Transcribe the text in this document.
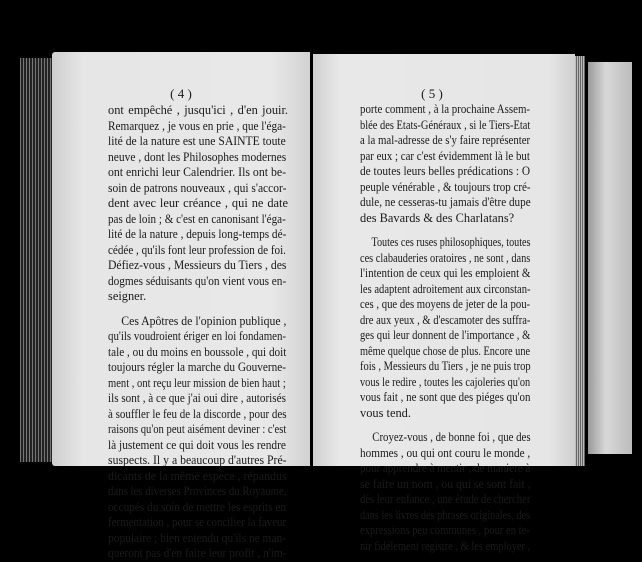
( 4 )
ont empêché , jusqu'ici , d'en jouir.
Remarquez , je vous en prie , que l'éga-
lité de la nature est une SAINTE toute
neuve , dont les Philosophes modernes
ont enrichi leur Calendrier. Ils ont be-
soin de patrons nouveaux , qui s'accor-
dent avec leur créance , qui ne date
pas de loin ; & c'est en canonisant l'éga-
lité de la nature , depuis long-temps dé-
cédée , qu'ils font leur profession de foi.
Défiez-vous , Messieurs du Tiers , des
dogmes séduisants qu'on vient vous en-
seigner.
Ces Apôtres de l'opinion publique ,
qu'ils voudroient ériger en loi fondamen-
tale , ou du moins en boussole , qui doit
toujours régler la marche du Gouverne-
ment , ont reçu leur mission de bien haut ;
ils sont , à ce que j'ai oui dire , autorisés
à souffler le feu de la discorde , pour des
raisons qu'on peut aisément deviner : c'est
là justement ce qui doit vous les rendre
suspects. Il y a beaucoup d'autres Pré-
dicants de la même espece , répandus
dans les diverses Provinces du Royaume,
occupés du soin de mettre les esprits en
fermentation , pour se concilier la faveur
populaire ; bien entendu qu'ils ne man-
queront pas d'en faire leur profit , n'im-
( 5 )
porte comment , à la prochaine Assem-
blée des Etats-Généraux , si le Tiers-Etat
a la mal-adresse de s'y faire représenter
par eux ; car c'est évidemment là le but
de toutes leurs belles prédications : O
peuple vénérable , & toujours trop cré-
dule, ne cesseras-tu jamais d'être dupe
des Bavards & des Charlatans?
Toutes ces ruses philosophiques, toutes
ces clabauderies oratoires , ne sont , dans
l'intention de ceux qui les emploient &
les adaptent adroitement aux circonstan-
ces , que des moyens de jeter de la pou-
dre aux yeux , & d'escamoter des suffra-
ges qui leur donnent de l'importance , &
même quelque chose de plus. Encore une
fois , Messieurs du Tiers , je ne puis trop
vous le redire , toutes les cajoleries qu'on
vous fait , ne sont que des piéges qu'on
vous tend.
Croyez-vous , de bonne foi , que des
hommes , ou qui ont couru le monde ,
pour apprendre à mentir , de maniere à
se faire un nom , ou qui se sont fait ,
dès leur enfance , une étude de chercher
dans les livres des phrases originales, des
expressions peu communes , pour en te-
nir fidélement registre , & les employer ,
